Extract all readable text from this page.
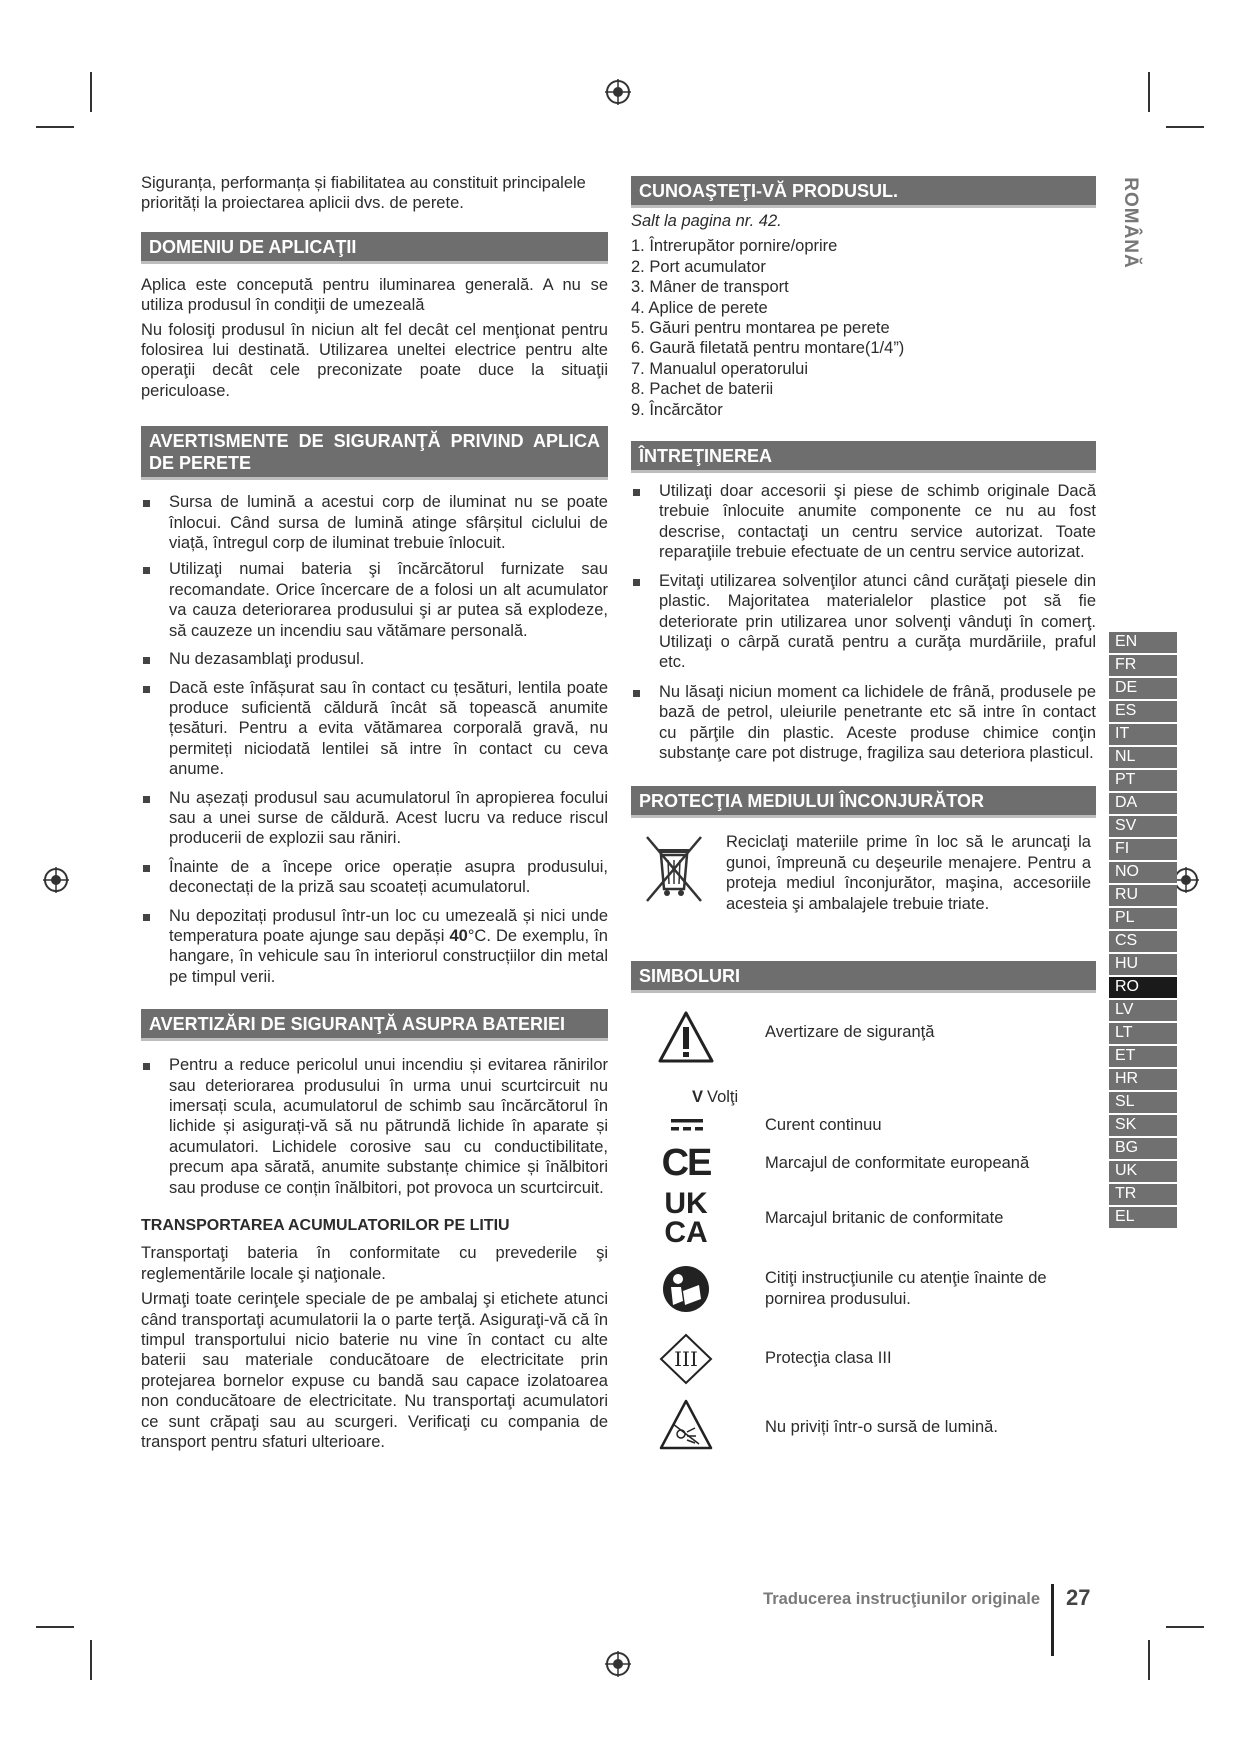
ROMÂNĂ

Siguranța, performanța și fiabilitatea au constituit principalele priorități la proiectarea aplicii dvs. de perete.

DOMENIU DE APLICAŢII

Aplica este concepută pentru iluminarea generală. A nu se utiliza produsul în condiţii de umezeală

Nu folosiţi produsul în niciun alt fel decât cel menţionat pentru folosirea lui destinată. Utilizarea uneltei electrice pentru alte operaţii decât cele preconizate poate duce la situaţii periculoase.

AVERTISMENTE DE SIGURANŢĂ PRIVIND APLICA DE PERETE
Sursa de lumină a acestui corp de iluminat nu se poate înlocui. Când sursa de lumină atinge sfârșitul ciclului de viață, întregul corp de iluminat trebuie înlocuit.
Utilizaţi numai bateria şi încărcătorul furnizate sau recomandate. Orice încercare de a folosi un alt acumulator va cauza deteriorarea produsului şi ar putea să explodeze, să cauzeze un incendiu sau vătămare personală.
Nu dezasamblaţi produsul.
Dacă este înfășurat sau în contact cu țesături, lentila poate produce suficientă căldură încât să topească anumite țesături. Pentru a evita vătămarea corporală gravă, nu permiteți niciodată lentilei să intre în contact cu ceva anume.
Nu așezați produsul sau acumulatorul în apropierea focului sau a unei surse de căldură. Acest lucru va reduce riscul producerii de explozii sau răniri.
Înainte de a începe orice operație asupra produsului, deconectați de la priză sau scoateți acumulatorul.
Nu depozitați produsul într-un loc cu umezeală și nici unde temperatura poate ajunge sau depăși 40°C. De exemplu, în hangare, în vehicule sau în interiorul construcțiilor din metal pe timpul verii.
AVERTIZĂRI DE SIGURANŢĂ ASUPRA BATERIEI
Pentru a reduce pericolul unui incendiu și evitarea rănirilor sau deteriorarea produsului în urma unui scurtcircuit nu imersați scula, acumulatorul de schimb sau încărcătorul în lichide și asigurați-vă să nu pătrundă lichide în aparate și acumulatori. Lichidele corosive sau cu conductibilitate, precum apa sărată, anumite substanțe chimice și înălbitori sau produse ce conțin înălbitori, pot provoca un scurtcircuit.
TRANSPORTAREA ACUMULATORILOR PE LITIU

Transportaţi bateria în conformitate cu prevederile şi reglementările locale şi naţionale.

Urmaţi toate cerinţele speciale de pe ambalaj şi etichete atunci când transportaţi acumulatorii la o parte terţă. Asiguraţi-vă că în timpul transportului nicio baterie nu vine în contact cu alte baterii sau materiale conducătoare de electricitate prin protejarea bornelor expuse cu bandă sau capace izolatoarea non conducătoare de electricitate. Nu transportaţi acumulatori ce sunt crăpaţi sau au scurgeri. Verificaţi cu compania de transport pentru sfaturi ulterioare.

CUNOAŞTEŢI-VĂ PRODUSUL.

Salt la pagina nr. 42.

1. Întrerupător pornire/oprire
2. Port acumulator
3. Mâner de transport
4. Aplice de perete
5. Găuri pentru montarea pe perete
6. Gaură filetată pentru montare(1/4”)
7. Manualul operatorului
8. Pachet de baterii
9. Încărcător
ÎNTREŢINEREA
Utilizaţi doar accesorii şi piese de schimb originale Dacă trebuie înlocuite anumite componente ce nu au fost descrise, contactaţi un centru service autorizat. Toate reparaţiile trebuie efectuate de un centru service autorizat.
Evitaţi utilizarea solvenţilor atunci când curăţaţi piesele din plastic. Majoritatea materialelor plastice pot să fie deteriorate prin utilizarea unor solvenţi vânduţi în comerţ. Utilizaţi o cârpă curată pentru a curăţa murdăriile, praful etc.
Nu lăsaţi niciun moment ca lichidele de frână, produsele pe bază de petrol, uleiurile penetrante etc să intre în contact cu părţile din plastic. Aceste produse chimice conţin substanţe care pot distruge, fragiliza sau deteriora plasticul.
PROTECŢIA MEDIULUI ÎNCONJURĂTOR

Reciclaţi materiile prime în loc să le aruncaţi la gunoi, împreună cu deşeurile menajere. Pentru a proteja mediul înconjurător, maşina, accesoriile acesteia şi ambalajele trebuie triate.

SIMBOLURI
Avertizare de siguranţă
V Volţi
Curent continuu
CE	Marcajul de conformitate europeană
UK
CA	Marcajul britanic de conformitate
Citiţi instrucţiunile cu atenţie înainte de pornirea produsului.
III	Protecţia clasa III
Nu priviți într-o sursă de lumină.
EN
FR
DE
ES
IT
NL
PT
DA
SV
FI
NO
RU
PL
CS
HU
RO
LV
LT
ET
HR
SL
SK
BG
UK
TR
EL
Traducerea instrucţiunilor originale 27
